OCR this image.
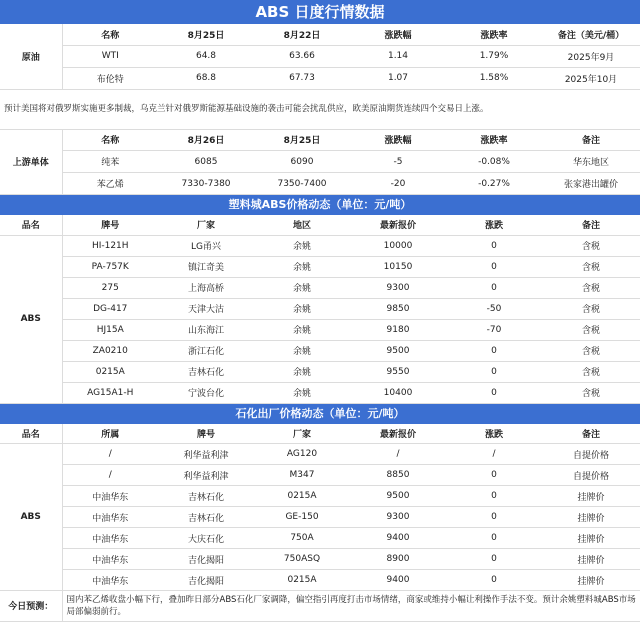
ABS 日度行情数据
原油	名称	8月25日	8月22日	涨跌幅	涨跌率	备注（美元/桶）
	WTI	64.8	63.66	1.14	1.79%	2025年9月
	布伦特	68.8	67.73	1.07	1.58%	2025年10月
预计美国将对俄罗斯实施更多制裁，乌克兰针对俄罗斯能源基础设施的袭击可能会扰乱供应，欧美原油期货连续四个交易日上涨。						
上游单体	名称	8月26日	8月25日	涨跌幅	涨跌率	备注
	纯苯	6085	6090	-5	-0.08%	华东地区
	苯乙烯	7330-7380	7350-7400	-20	-0.27%	张家港出罐价
塑料城ABS价格动态（单位：元/吨）
品名	牌号	厂家	地区	最新报价	涨跌	备注
ABS	HI-121H	LG甬兴	余姚	10000	0	含税
	PA-757K	镇江奇美	余姚	10150	0	含税
	275	上海高桥	余姚	9300	0	含税
	DG-417	天津大沽	余姚	9850	-50	含税
	HJ15A	山东海江	余姚	9180	-70	含税
	ZA0210	浙江石化	余姚	9500	0	含税
	0215A	吉林石化	余姚	9550	0	含税
	AG15A1-H	宁波台化	余姚	10400	0	含税
石化出厂价格动态（单位：元/吨）
品名	所属	牌号	厂家	最新报价	涨跌	备注
ABS	/	利华益利津	AG120	/	/	自提价格
	/	利华益利津	M347	8850	0	自提价格
	中油华东	吉林石化	0215A	9500	0	挂牌价
	中油华东	吉林石化	GE-150	9300	0	挂牌价
	中油华东	大庆石化	750A	9400	0	挂牌价
	中油华东	吉化揭阳	750ASQ	8900	0	挂牌价
	中油华东	吉化揭阳	0215A	9400	0	挂牌价
今日预测：	国内苯乙烯收盘小幅下行，叠加昨日部分ABS石化厂家调降，偏空指引再度打击市场情绪，商家或维持小幅让利操作手法不变。预计余姚塑料城ABS市场局部偏弱前行。
